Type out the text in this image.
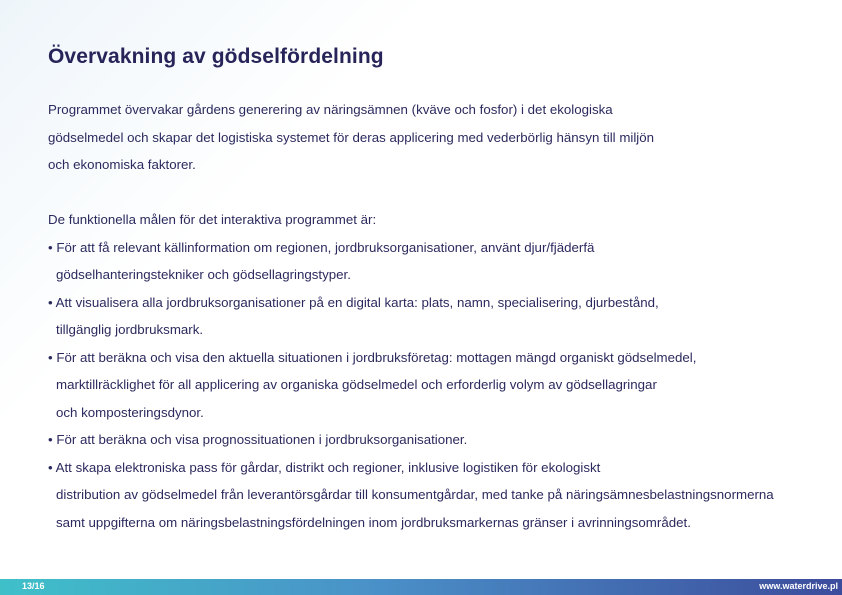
Övervakning av gödselfördelning
Programmet övervakar gårdens generering av näringsämnen (kväve och fosfor) i det ekologiska
gödselmedel och skapar det logistiska systemet för deras applicering med vederbörlig hänsyn till miljön
och ekonomiska faktorer.
De funktionella målen för det interaktiva programmet är:
• För att få relevant källinformation om regionen, jordbruksorganisationer, använt djur/fjäderfä
gödselhanteringstekniker och gödsellagringstyper.
• Att visualisera alla jordbruksorganisationer på en digital karta: plats, namn, specialisering, djurbestånd,
tillgänglig jordbruksmark.
• För att beräkna och visa den aktuella situationen i jordbruksföretag: mottagen mängd organiskt gödselmedel,
marktillräcklighet för all applicering av organiska gödselmedel och erforderlig volym av gödsellagringar
och komposteringsdynor.
• För att beräkna och visa prognossituationen i jordbruksorganisationer.
• Att skapa elektroniska pass för gårdar, distrikt och regioner, inklusive logistiken för ekologiskt
distribution av gödselmedel från leverantörsgårdar till konsumentgårdar, med tanke på näringsämnesbelastningsnormerna
samt uppgifterna om näringsbelastningsfördelningen inom jordbruksmarkernas gränser i avrinningsområdet.
13/16	www.waterdrive.pl
